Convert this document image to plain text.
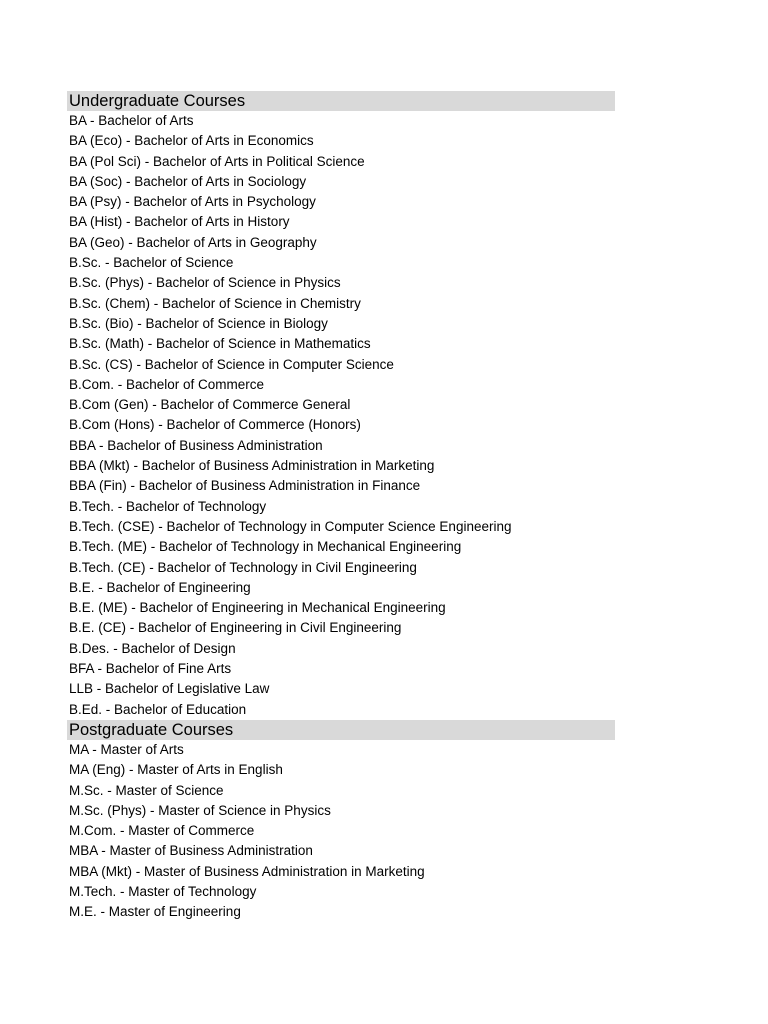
Undergraduate Courses
BA - Bachelor of Arts
BA (Eco) - Bachelor of Arts in Economics
BA (Pol Sci) - Bachelor of Arts in Political Science
BA (Soc) - Bachelor of Arts in Sociology
BA (Psy) - Bachelor of Arts in Psychology
BA (Hist) - Bachelor of Arts in History
BA (Geo) - Bachelor of Arts in Geography
B.Sc. - Bachelor of Science
B.Sc. (Phys) - Bachelor of Science in Physics
B.Sc. (Chem) - Bachelor of Science in Chemistry
B.Sc. (Bio) - Bachelor of Science in Biology
B.Sc. (Math) - Bachelor of Science in Mathematics
B.Sc. (CS) - Bachelor of Science in Computer Science
B.Com. - Bachelor of Commerce
B.Com (Gen) - Bachelor of Commerce General
B.Com (Hons) - Bachelor of Commerce (Honors)
BBA - Bachelor of Business Administration
BBA (Mkt) - Bachelor of Business Administration in Marketing
BBA (Fin) - Bachelor of Business Administration in Finance
B.Tech. - Bachelor of Technology
B.Tech. (CSE) - Bachelor of Technology in Computer Science Engineering
B.Tech. (ME) - Bachelor of Technology in Mechanical Engineering
B.Tech. (CE) - Bachelor of Technology in Civil Engineering
B.E. - Bachelor of Engineering
B.E. (ME) - Bachelor of Engineering in Mechanical Engineering
B.E. (CE) - Bachelor of Engineering in Civil Engineering
B.Des. - Bachelor of Design
BFA - Bachelor of Fine Arts
LLB - Bachelor of Legislative Law
B.Ed. - Bachelor of Education
Postgraduate Courses
MA - Master of Arts
MA (Eng) - Master of Arts in English
M.Sc. - Master of Science
M.Sc. (Phys) - Master of Science in Physics
M.Com. - Master of Commerce
MBA - Master of Business Administration
MBA (Mkt) - Master of Business Administration in Marketing
M.Tech. - Master of Technology
M.E. - Master of Engineering
